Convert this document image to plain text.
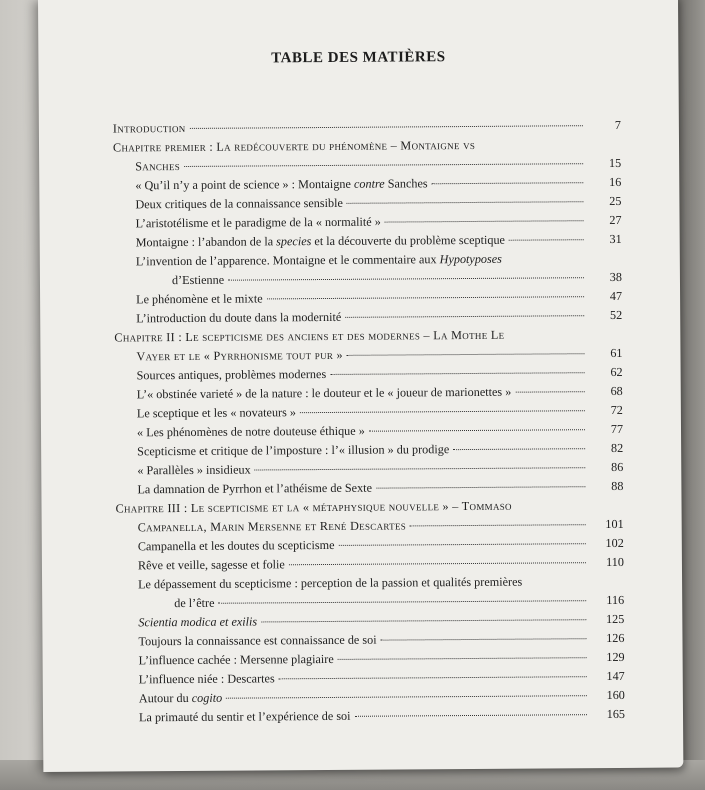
TABLE DES MATIÈRES
Introduction	7
Chapitre premier : La redécouverte du phénomène – Montaigne vs
Sanches	15
« Qu’il n’y a point de science » : Montaigne contre Sanches	16
Deux critiques de la connaissance sensible	25
L’aristotélisme et le paradigme de la « normalité »	27
Montaigne : l’abandon de la species et la découverte du problème sceptique	31
L’invention de l’apparence. Montaigne et le commentaire aux Hypotyposes
d’Estienne	38
Le phénomène et le mixte	47
L’introduction du doute dans la modernité	52
Chapitre II : Le scepticisme des anciens et des modernes – La Mothe Le
Vayer et le « Pyrrhonisme tout pur »	61
Sources antiques, problèmes modernes	62
L’« obstinée varieté » de la nature : le douteur et le « joueur de marionettes »	68
Le sceptique et les « novateurs »	72
« Les phénomènes de notre douteuse éthique »	77
Scepticisme et critique de l’imposture : l’« illusion » du prodige	82
« Parallèles » insidieux	86
La damnation de Pyrrhon et l’athéisme de Sexte	88
Chapitre III : Le scepticisme et la « métaphysique nouvelle » – Tommaso
Campanella, Marin Mersenne et René Descartes	101
Campanella et les doutes du scepticisme	102
Rêve et veille, sagesse et folie	110
Le dépassement du scepticisme : perception de la passion et qualités premières
de l’être	116
Scientia modica et exilis	125
Toujours la connaissance est connaissance de soi	126
L’influence cachée : Mersenne plagiaire	129
L’influence niée : Descartes	147
Autour du cogito	160
La primauté du sentir et l’expérience de soi	165
